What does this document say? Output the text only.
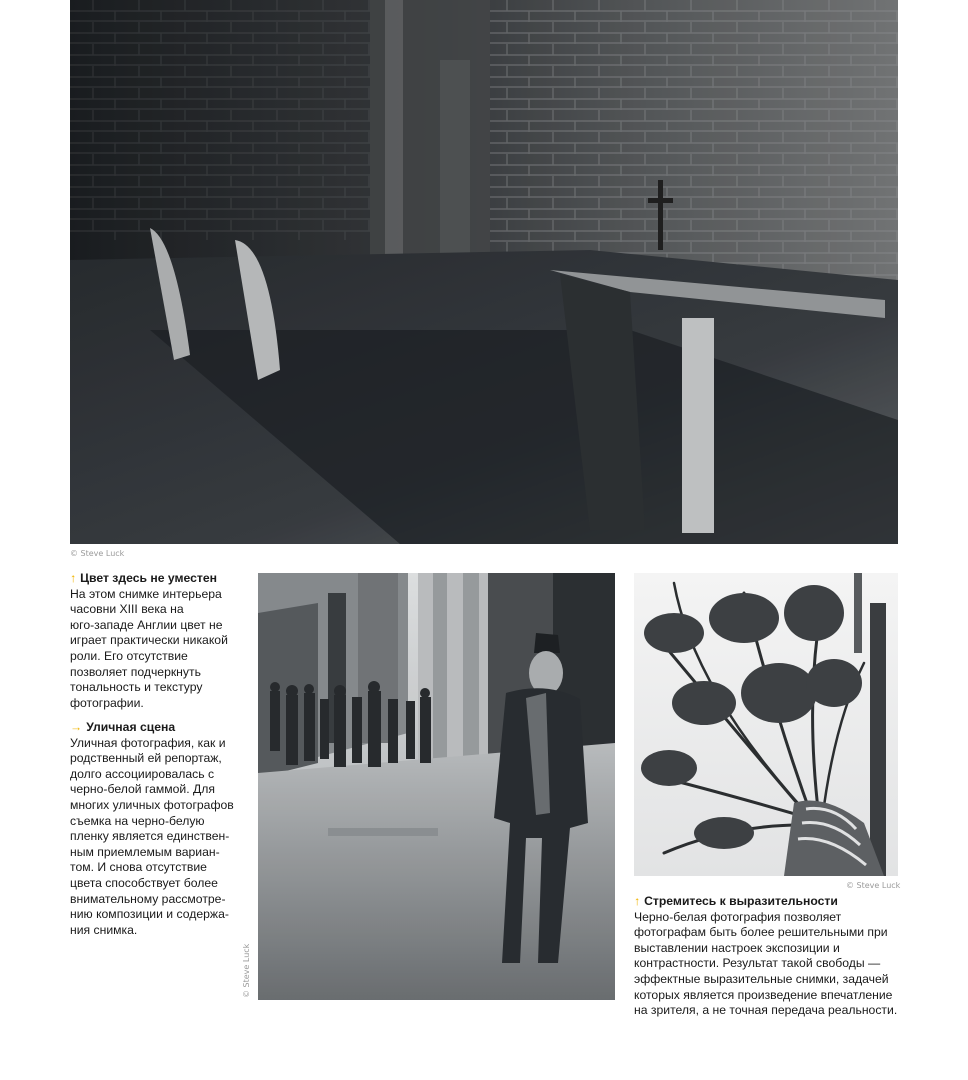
© Steve Luck
↑ Цвет здесь не уместен
На этом снимке интерьера
часовни XIII века на
юго-западе Англии цвет не
играет практически никакой
роли. Его отсутствие
позволяет подчеркнуть
тональность и текстуру
фотографии.
→ Уличная сцена
Уличная фотография, как и
родственный ей репортаж,
долго ассоциировалась с
черно-белой гаммой. Для
многих уличных фотографов
съемка на черно-белую
пленку является единствен-
ным приемлемым вариан-
том. И снова отсутствие
цвета способствует более
внимательному рассмотре-
нию композиции и содержа-
ния снимка.
© Steve Luck
© Steve Luck
↑ Стремитесь к выразительности
Черно-белая фотография позволяет
фотографам быть более решительными при
выставлении настроек экспозиции и
контрастности. Результат такой свободы —
эффектные выразительные снимки, задачей
которых является произведение впечатление
на зрителя, а не точная передача реальности.
